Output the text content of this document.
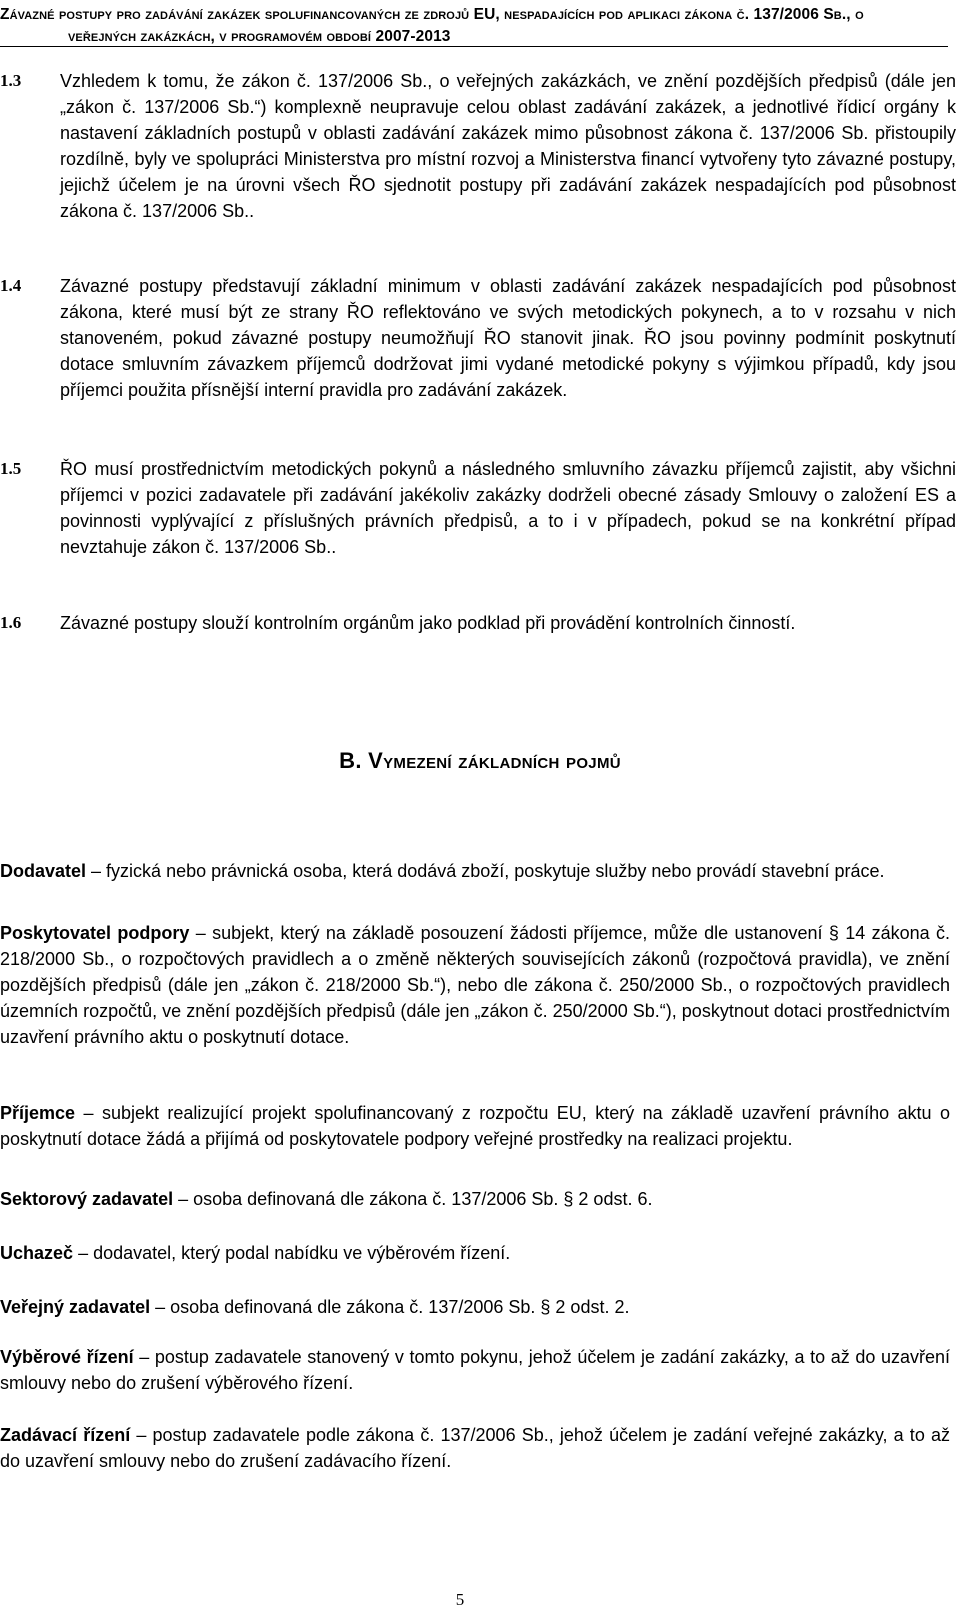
Závazné postupy pro zadávání zakázek spolufinancovaných ze zdrojů EU, nespadajících pod aplikaci zákona č. 137/2006 Sb., o
veřejných zakázkách, v programovém období 2007-2013
1.3 Vzhledem k tomu, že zákon č. 137/2006 Sb., o veřejných zakázkách, ve znění pozdějších předpisů (dále jen „zákon č. 137/2006 Sb.“) komplexně neupravuje celou oblast zadávání zakázek, a jednotlivé řídicí orgány k nastavení základních postupů v oblasti zadávání zakázek mimo působnost zákona č. 137/2006 Sb. přistoupily rozdílně, byly ve spolupráci Ministerstva pro místní rozvoj a Ministerstva financí vytvořeny tyto závazné postupy, jejichž účelem je na úrovni všech ŘO sjednotit postupy při zadávání zakázek nespadajících pod působnost zákona č. 137/2006 Sb..
1.4 Závazné postupy představují základní minimum v oblasti zadávání zakázek nespadajících pod působnost zákona, které musí být ze strany ŘO reflektováno ve svých metodických pokynech, a to v rozsahu v nich stanoveném, pokud závazné postupy neumožňují ŘO stanovit jinak. ŘO jsou povinny podmínit poskytnutí dotace smluvním závazkem příjemců dodržovat jimi vydané metodické pokyny s výjimkou případů, kdy jsou příjemci použita přísnější interní pravidla pro zadávání zakázek.
1.5 ŘO musí prostřednictvím metodických pokynů a následného smluvního závazku příjemců zajistit, aby všichni příjemci v pozici zadavatele při zadávání jakékoliv zakázky dodrželi obecné zásady Smlouvy o založení ES a povinnosti vyplývající z příslušných právních předpisů, a to i v případech, pokud se na konkrétní případ nevztahuje zákon č. 137/2006 Sb..
1.6 Závazné postupy slouží kontrolním orgánům jako podklad při provádění kontrolních činností.
B. Vymezení základních pojmů

Dodavatel – fyzická nebo právnická osoba, která dodává zboží, poskytuje služby nebo provádí stavební práce.

Poskytovatel podpory – subjekt, který na základě posouzení žádosti příjemce, může dle ustanovení § 14 zákona č. 218/2000 Sb., o rozpočtových pravidlech a o změně některých souvisejících zákonů (rozpočtová pravidla), ve znění pozdějších předpisů (dále jen „zákon č. 218/2000 Sb.“), nebo dle zákona č. 250/2000 Sb., o rozpočtových pravidlech územních rozpočtů, ve znění pozdějších předpisů (dále jen „zákon č. 250/2000 Sb.“), poskytnout dotaci prostřednictvím uzavření právního aktu o poskytnutí dotace.

Příjemce – subjekt realizující projekt spolufinancovaný z rozpočtu EU, který na základě uzavření právního aktu o poskytnutí dotace žádá a přijímá od poskytovatele podpory veřejné prostředky na realizaci projektu.

Sektorový zadavatel – osoba definovaná dle zákona č. 137/2006 Sb. § 2 odst. 6.

Uchazeč – dodavatel, který podal nabídku ve výběrovém řízení.

Veřejný zadavatel – osoba definovaná dle zákona č. 137/2006 Sb. § 2 odst. 2.

Výběrové řízení – postup zadavatele stanovený v tomto pokynu, jehož účelem je zadání zakázky, a to až do uzavření smlouvy nebo do zrušení výběrového řízení.

Zadávací řízení – postup zadavatele podle zákona č. 137/2006 Sb., jehož účelem je zadání veřejné zakázky, a to až do uzavření smlouvy nebo do zrušení zadávacího řízení.

5
